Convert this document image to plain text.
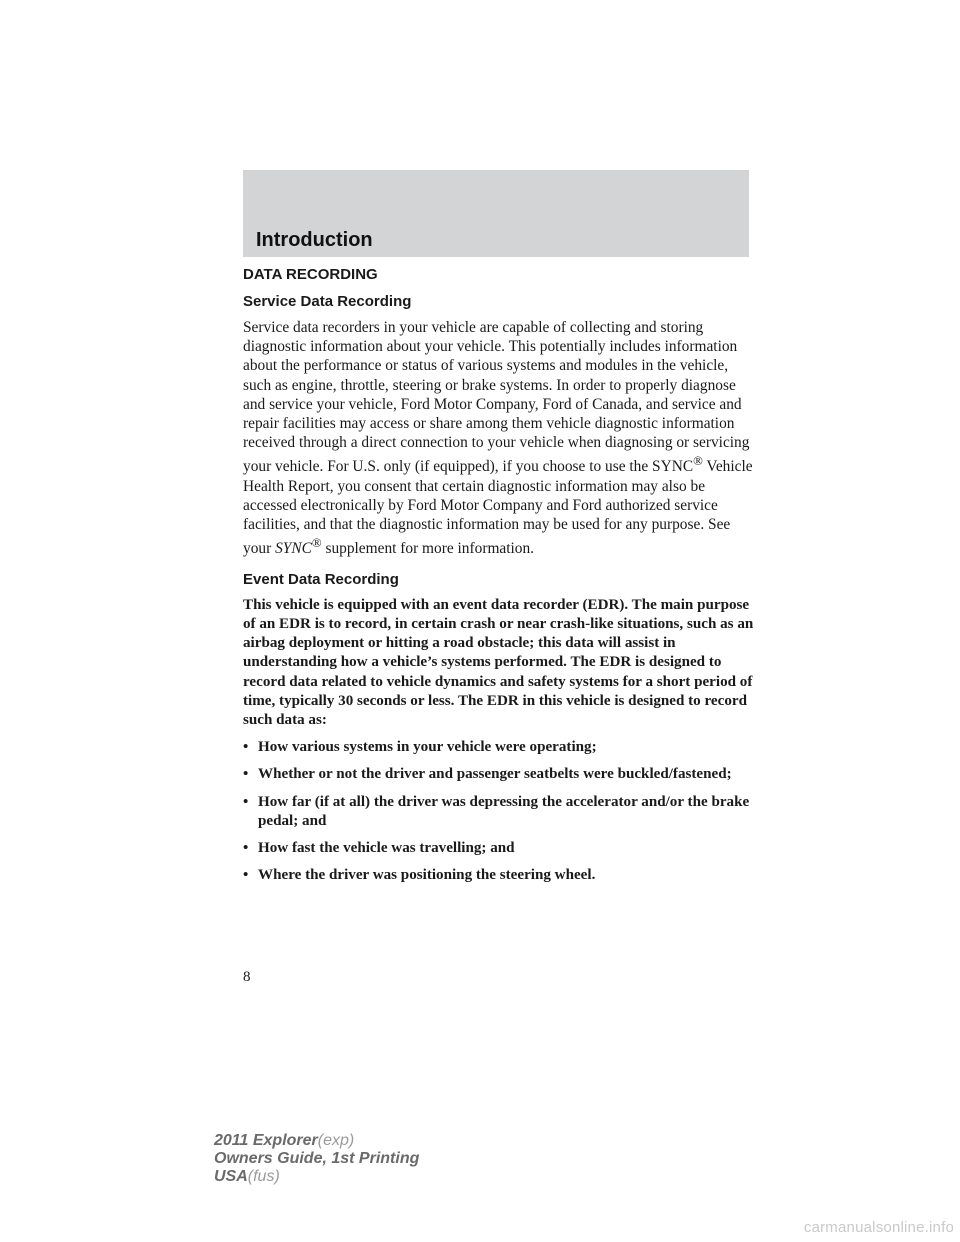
Introduction
DATA RECORDING
Service Data Recording

Service data recorders in your vehicle are capable of collecting and storing diagnostic information about your vehicle. This potentially includes information about the performance or status of various systems and modules in the vehicle, such as engine, throttle, steering or brake systems. In order to properly diagnose and service your vehicle, Ford Motor Company, Ford of Canada, and service and repair facilities may access or share among them vehicle diagnostic information received through a direct connection to your vehicle when diagnosing or servicing your vehicle. For U.S. only (if equipped), if you choose to use the SYNC® Vehicle Health Report, you consent that certain diagnostic information may also be accessed electronically by Ford Motor Company and Ford authorized service facilities, and that the diagnostic information may be used for any purpose. See your SYNC® supplement for more information.

Event Data Recording

This vehicle is equipped with an event data recorder (EDR). The main purpose of an EDR is to record, in certain crash or near crash-like situations, such as an airbag deployment or hitting a road obstacle; this data will assist in understanding how a vehicle’s systems performed. The EDR is designed to record data related to vehicle dynamics and safety systems for a short period of time, typically 30 seconds or less. The EDR in this vehicle is designed to record such data as:

• How various systems in your vehicle were operating;
• Whether or not the driver and passenger seatbelts were buckled/fastened;
• How far (if at all) the driver was depressing the accelerator and/or the brake pedal; and
• How fast the vehicle was travelling; and
• Where the driver was positioning the steering wheel.
8
2011 Explorer(exp)
Owners Guide, 1st Printing
USA(fus)
carmanualsonline.info
